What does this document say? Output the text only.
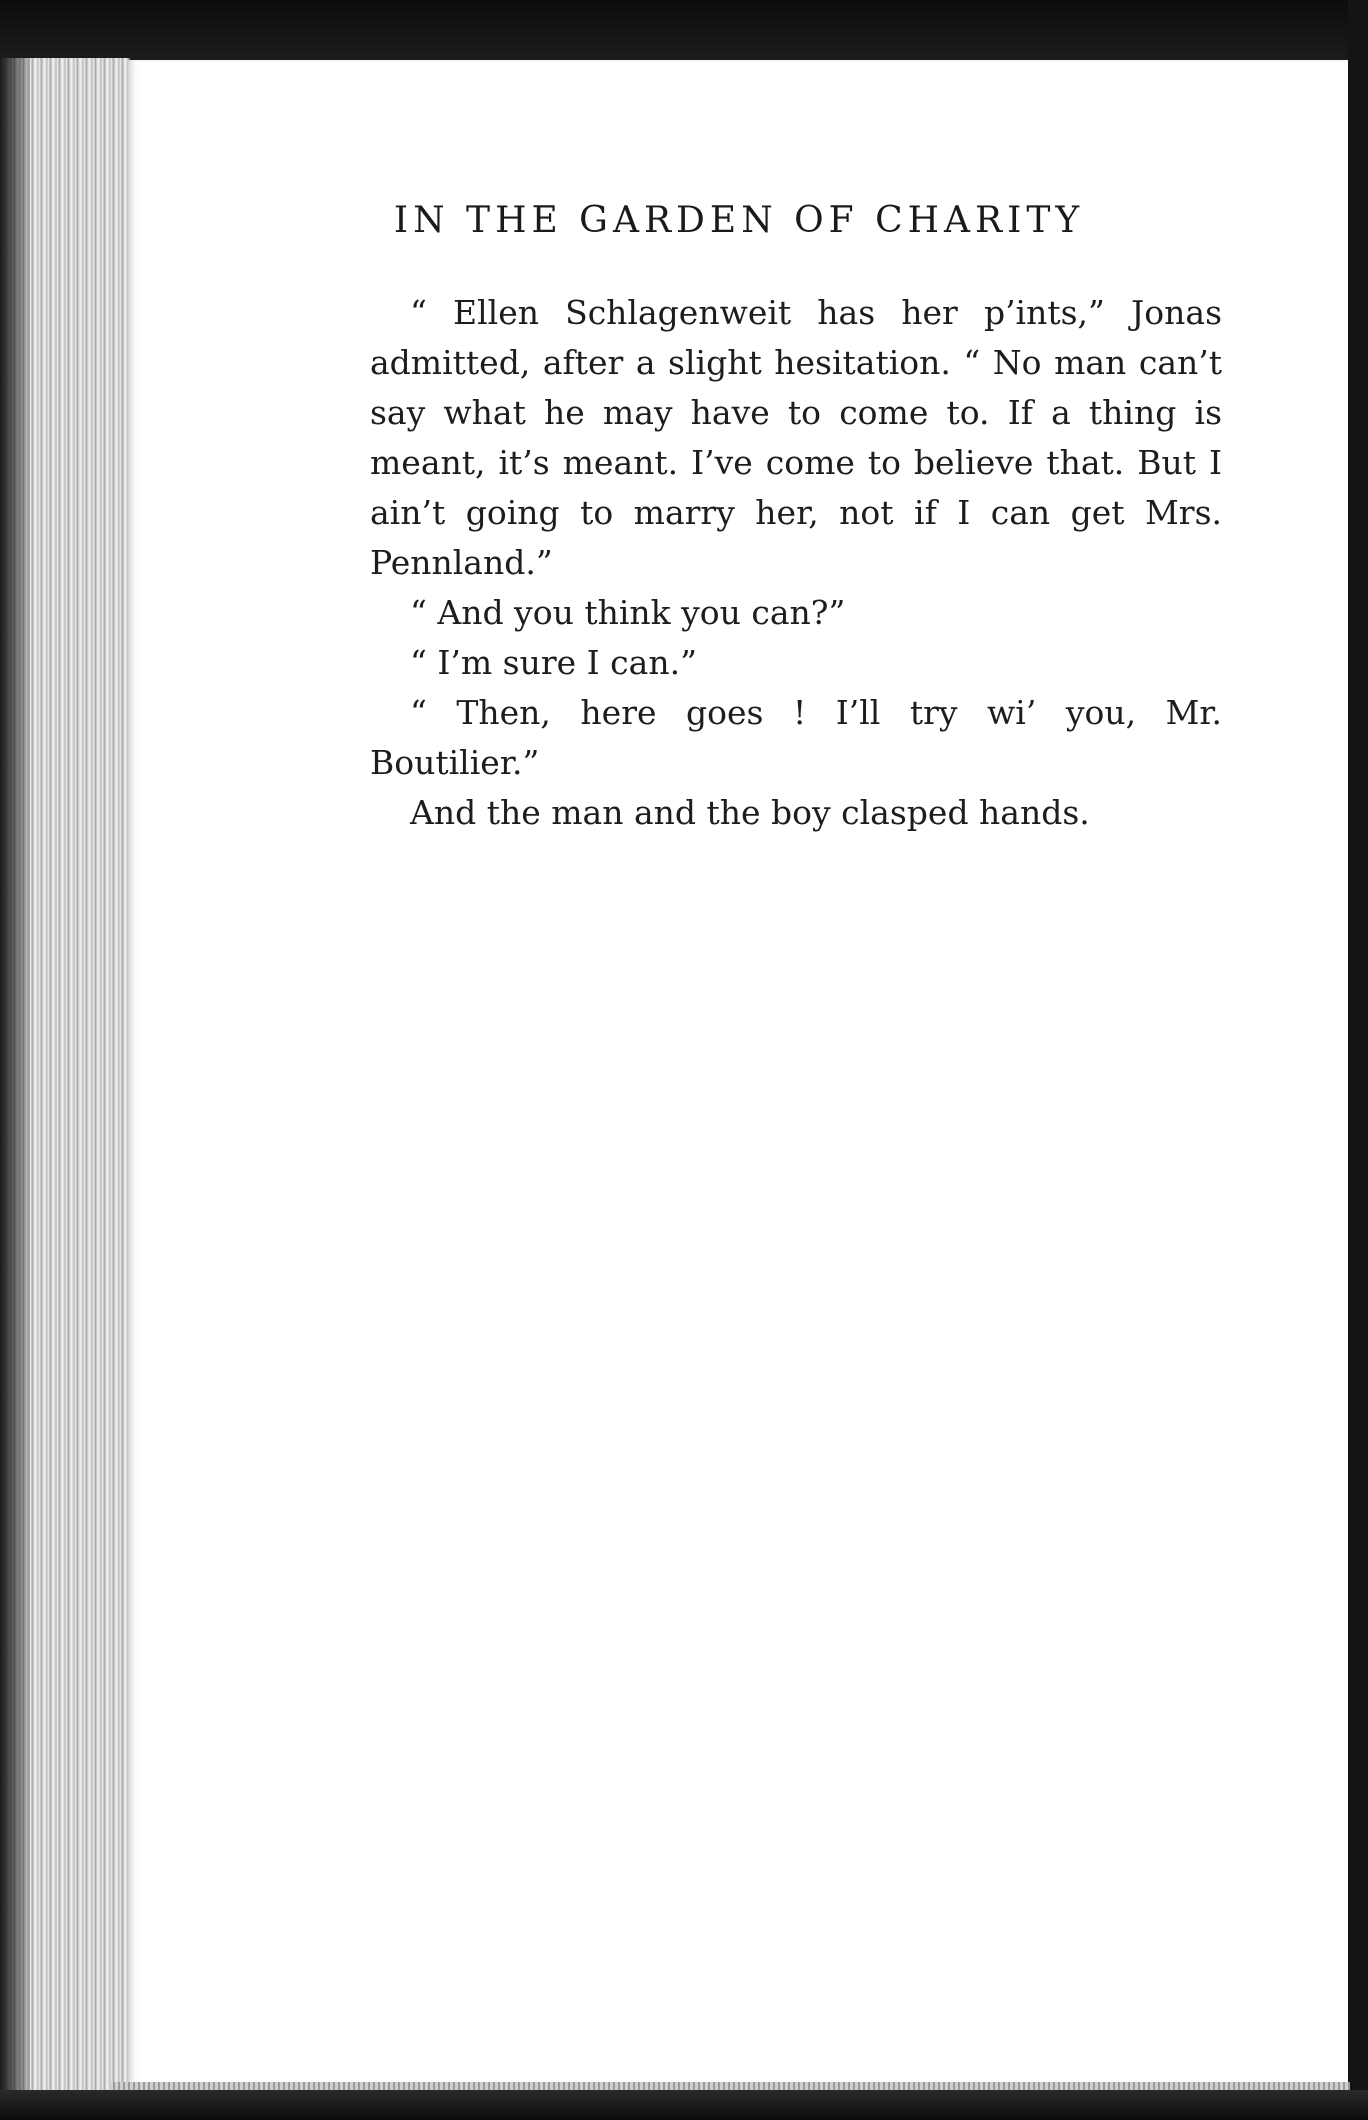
IN THE GARDEN OF CHARITY

“ Ellen Schlagenweit has her p’ints,” Jonas admitted, after a slight hesitation. “ No man can’t say what he may have to come to. If a thing is meant, it’s meant. I’ve come to believe that. But I ain’t going to marry her, not if I can get Mrs. Pennland.”

“ And you think you can?”

“ I’m sure I can.”

“ Then, here goes ! I’ll try wi’ you, Mr. Boutilier.”

And the man and the boy clasped hands.
